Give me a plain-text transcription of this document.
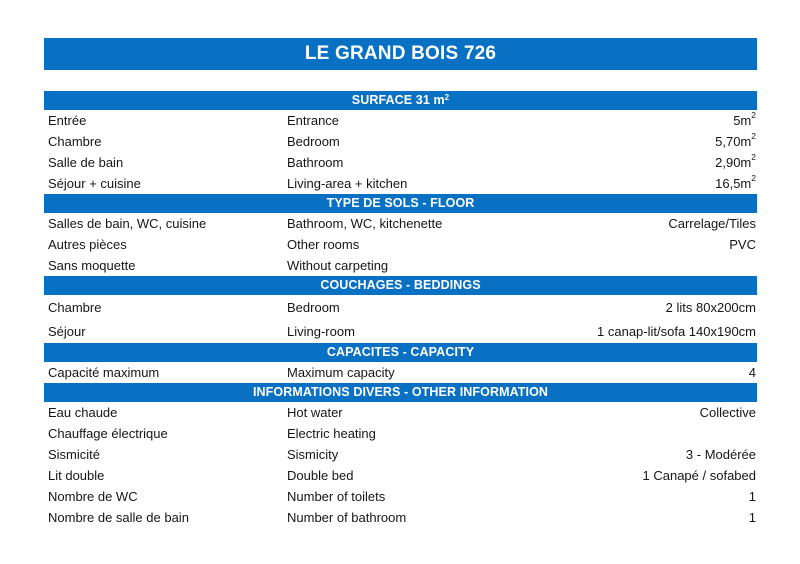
LE GRAND BOIS 726
SURFACE 31 $m^2$
Entrée	Entrance	$5m^2$
Chambre	Bedroom	$5,70m^2$
Salle de bain	Bathroom	$2,90m^2$
Séjour + cuisine	Living-area + kitchen	$16,5m^2$
TYPE DE SOLS - FLOOR
Salles de bain, WC, cuisine	Bathroom, WC, kitchenette	Carrelage/Tiles
Autres pièces	Other rooms	PVC
Sans moquette	Without carpeting
COUCHAGES - BEDDINGS
Chambre	Bedroom	2 lits 80x200cm
Séjour	Living-room	1 canap-lit/sofa 140x190cm
CAPACITES - CAPACITY
Capacité maximum	Maximum capacity	4
INFORMATIONS DIVERS - OTHER INFORMATION
Eau chaude	Hot water	Collective
Chauffage électrique	Electric heating
Sismicité	Sismicity	3 - Modérée
Lit double	Double bed	1 Canapé / sofabed
Nombre de WC	Number of toilets	1
Nombre de salle de bain	Number of bathroom	1
